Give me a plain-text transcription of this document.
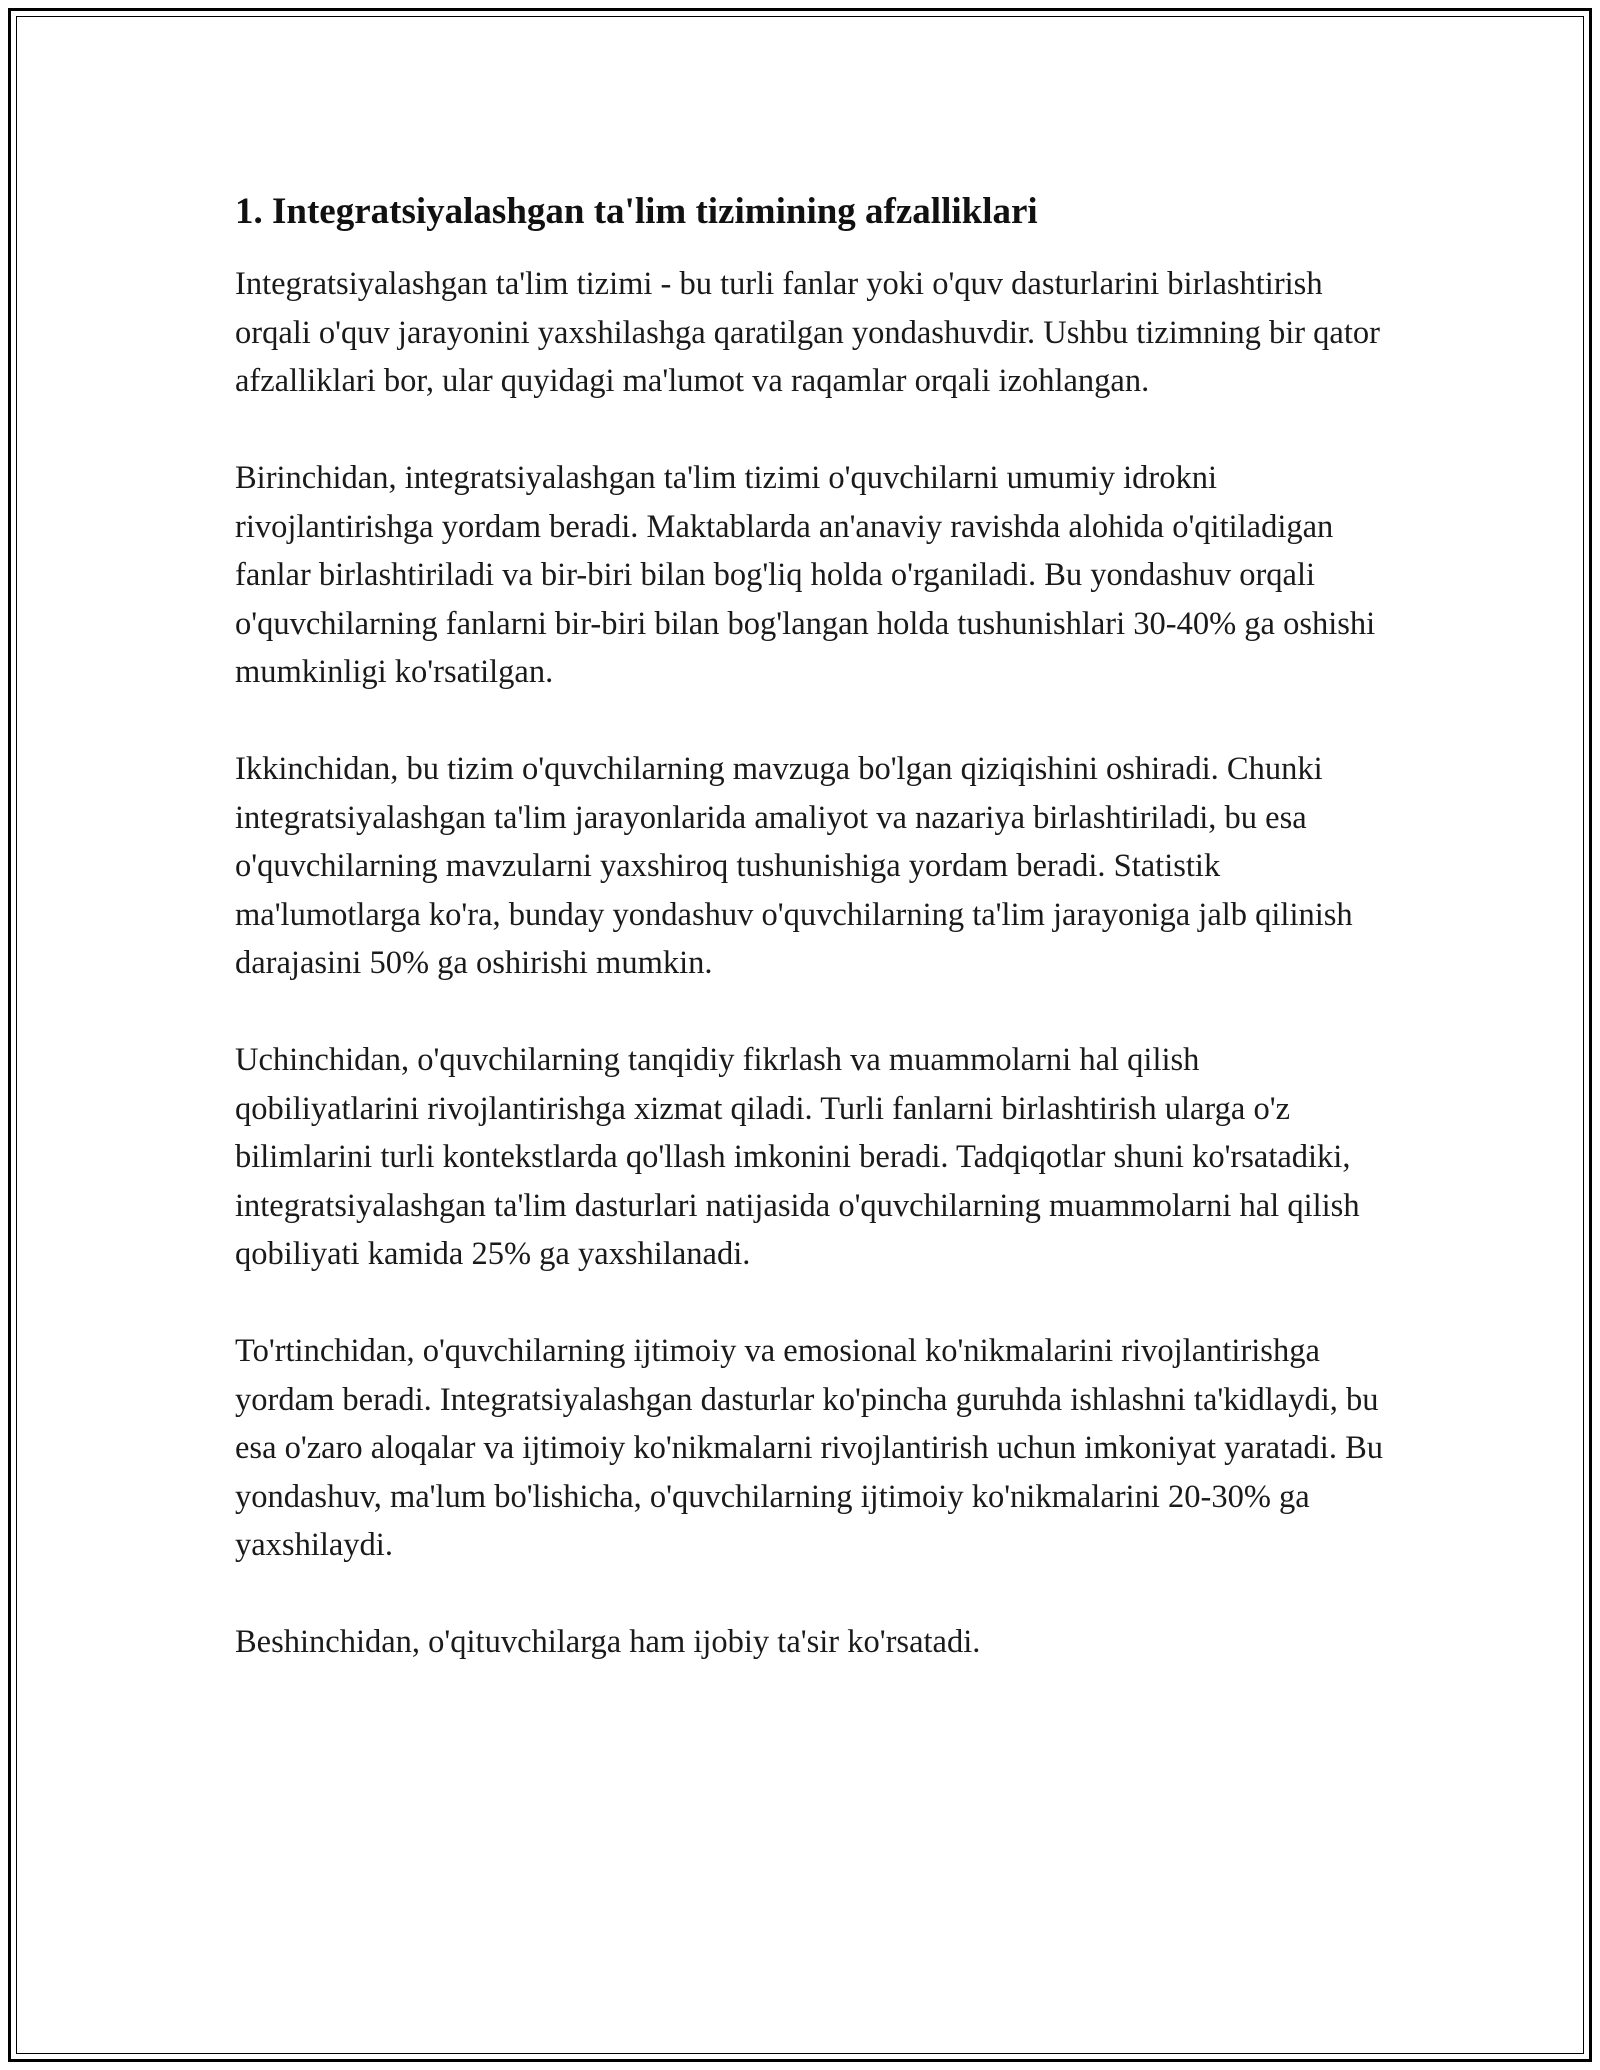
1. Integratsiyalashgan ta'lim tizimining afzalliklari

Integratsiyalashgan ta'lim tizimi - bu turli fanlar yoki o'quv dasturlarini birlashtirish orqali o'quv jarayonini yaxshilashga qaratilgan yondashuvdir. Ushbu tizimning bir qator afzalliklari bor, ular quyidagi ma'lumot va raqamlar orqali izohlangan.

Birinchidan, integratsiyalashgan ta'lim tizimi o'quvchilarni umumiy idrokni rivojlantirishga yordam beradi. Maktablarda an'anaviy ravishda alohida o'qitiladigan fanlar birlashtiriladi va bir-biri bilan bog'liq holda o'rganiladi. Bu yondashuv orqali o'quvchilarning fanlarni bir-biri bilan bog'langan holda tushunishlari 30-40% ga oshishi mumkinligi ko'rsatilgan.

Ikkinchidan, bu tizim o'quvchilarning mavzuga bo'lgan qiziqishini oshiradi. Chunki integratsiyalashgan ta'lim jarayonlarida amaliyot va nazariya birlashtiriladi, bu esa o'quvchilarning mavzularni yaxshiroq tushunishiga yordam beradi. Statistik ma'lumotlarga ko'ra, bunday yondashuv o'quvchilarning ta'lim jarayoniga jalb qilinish darajasini 50% ga oshirishi mumkin.

Uchinchidan, o'quvchilarning tanqidiy fikrlash va muammolarni hal qilish qobiliyatlarini rivojlantirishga xizmat qiladi. Turli fanlarni birlashtirish ularga o'z bilimlarini turli kontekstlarda qo'llash imkonini beradi. Tadqiqotlar shuni ko'rsatadiki, integratsiyalashgan ta'lim dasturlari natijasida o'quvchilarning muammolarni hal qilish qobiliyati kamida 25% ga yaxshilanadi.

To'rtinchidan, o'quvchilarning ijtimoiy va emosional ko'nikmalarini rivojlantirishga yordam beradi. Integratsiyalashgan dasturlar ko'pincha guruhda ishlashni ta'kidlaydi, bu esa o'zaro aloqalar va ijtimoiy ko'nikmalarni rivojlantirish uchun imkoniyat yaratadi. Bu yondashuv, ma'lum bo'lishicha, o'quvchilarning ijtimoiy ko'nikmalarini 20-30% ga yaxshilaydi.

Beshinchidan, o'qituvchilarga ham ijobiy ta'sir ko'rsatadi.
